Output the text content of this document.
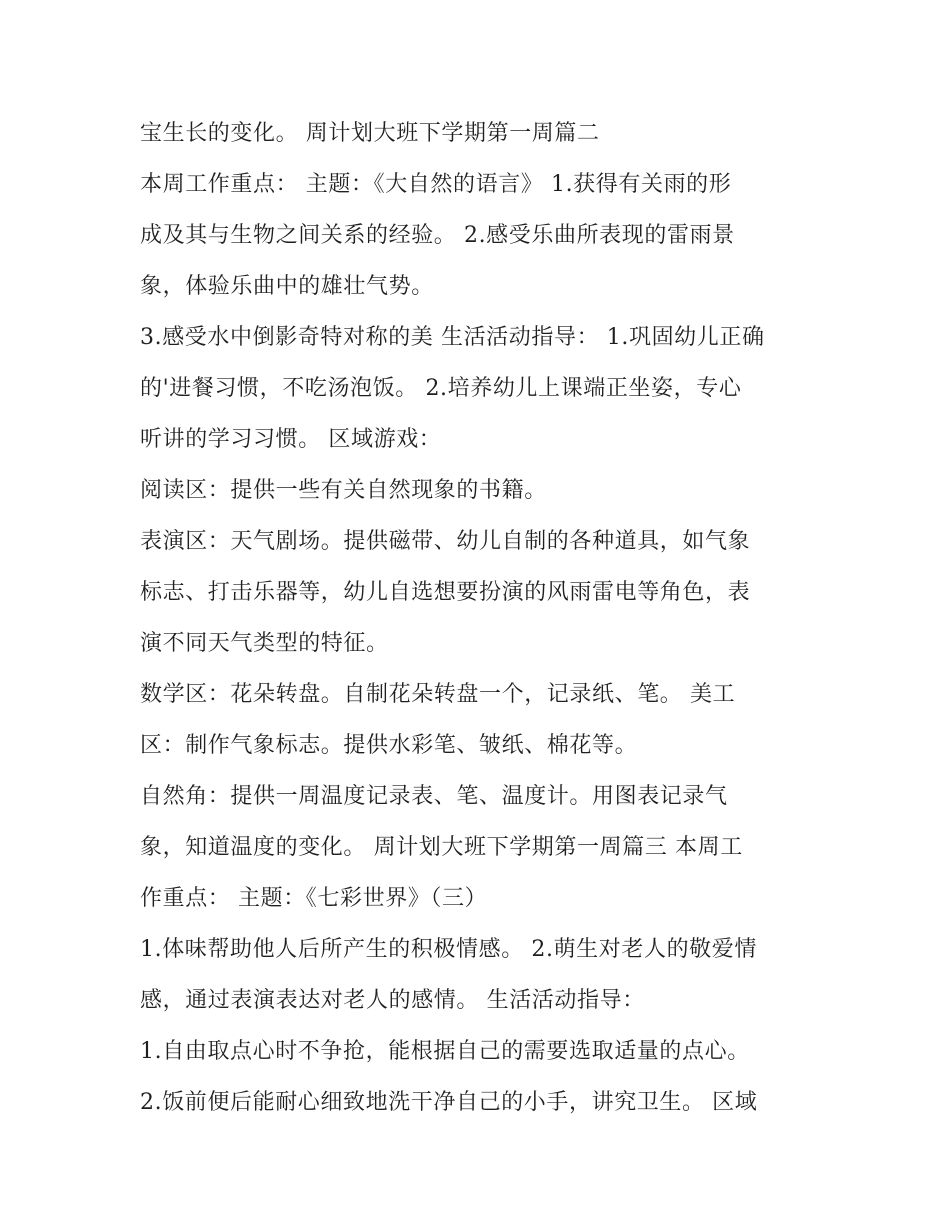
宝生长的变化。 周计划大班下学期第一周篇二
本周工作重点： 主题：《大自然的语言》 1.获得有关雨的形
成及其与生物之间关系的经验。 2.感受乐曲所表现的雷雨景
象，体验乐曲中的雄壮气势。
3.感受水中倒影奇特对称的美 生活活动指导： 1.巩固幼儿正确
的'进餐习惯，不吃汤泡饭。 2.培养幼儿上课端正坐姿，专心
听讲的学习习惯。 区域游戏：
阅读区：提供一些有关自然现象的书籍。
表演区：天气剧场。提供磁带、幼儿自制的各种道具，如气象
标志、打击乐器等，幼儿自选想要扮演的风雨雷电等角色，表
演不同天气类型的特征。
数学区：花朵转盘。自制花朵转盘一个，记录纸、笔。 美工
区：制作气象标志。提供水彩笔、皱纸、棉花等。
自然角：提供一周温度记录表、笔、温度计。用图表记录气
象，知道温度的变化。 周计划大班下学期第一周篇三 本周工
作重点： 主题：《七彩世界》（三）
1.体味帮助他人后所产生的积极情感。 2.萌生对老人的敬爱情
感，通过表演表达对老人的感情。 生活活动指导：
1.自由取点心时不争抢，能根据自己的需要选取适量的点心。
2.饭前便后能耐心细致地洗干净自己的小手，讲究卫生。 区域
